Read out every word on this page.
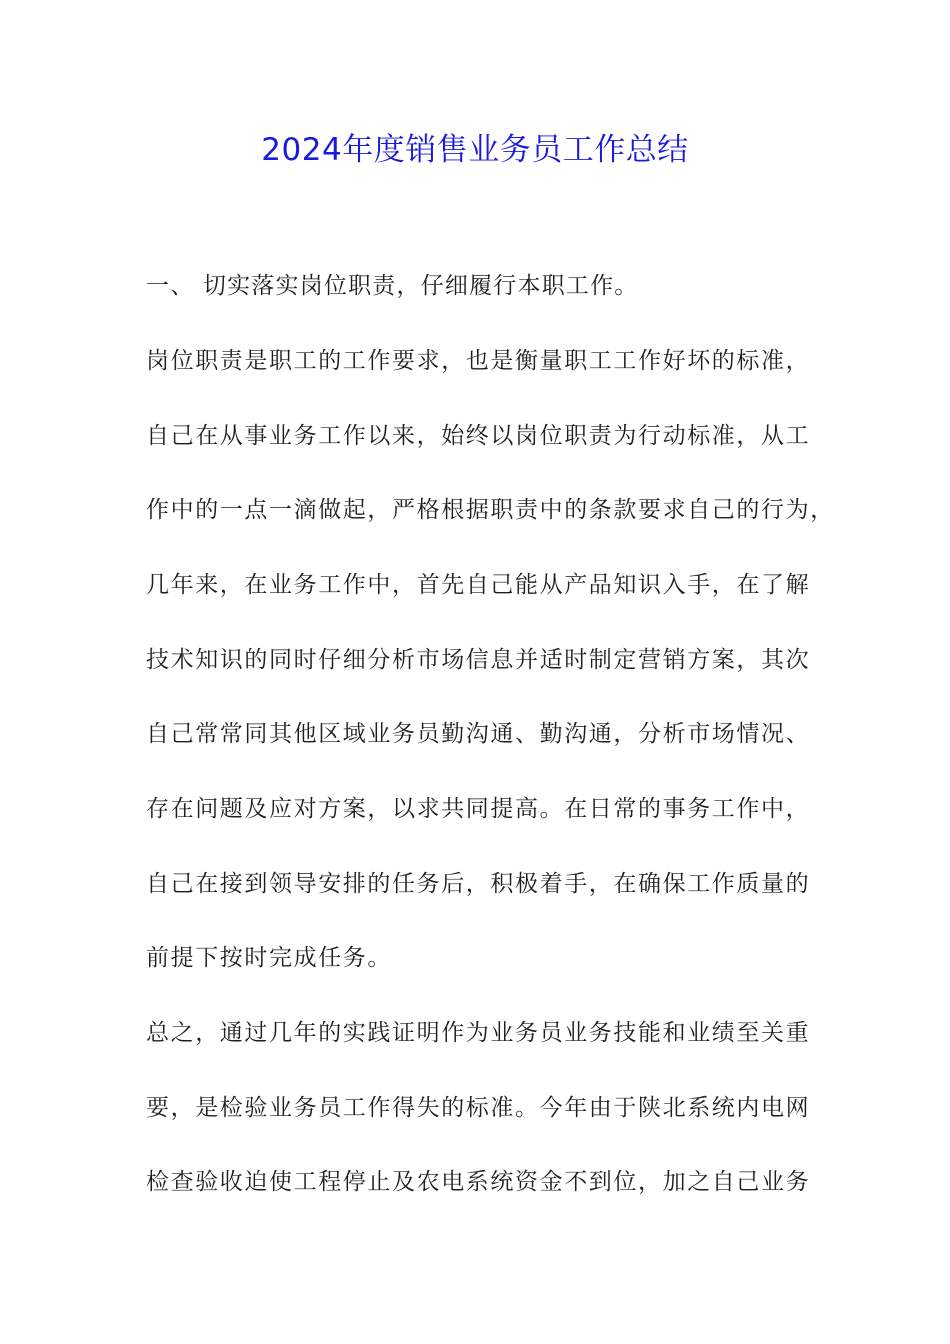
2024年度销售业务员工作总结
一、 切实落实岗位职责，仔细履行本职工作。
岗位职责是职工的工作要求，也是衡量职工工作好坏的标准，
自己在从事业务工作以来，始终以岗位职责为行动标准，从工
作中的一点一滴做起，严格根据职责中的条款要求自己的行为，
几年来，在业务工作中，首先自己能从产品知识入手，在了解
技术知识的同时仔细分析市场信息并适时制定营销方案，其次
自己常常同其他区域业务员勤沟通、勤沟通，分析市场情况、
存在问题及应对方案，以求共同提高。在日常的事务工作中，
自己在接到领导安排的任务后，积极着手，在确保工作质量的
前提下按时完成任务。
总之，通过几年的实践证明作为业务员业务技能和业绩至关重
要，是检验业务员工作得失的标准。今年由于陕北系统内电网
检查验收迫使工程停止及农电系统资金不到位，加之自己业务
